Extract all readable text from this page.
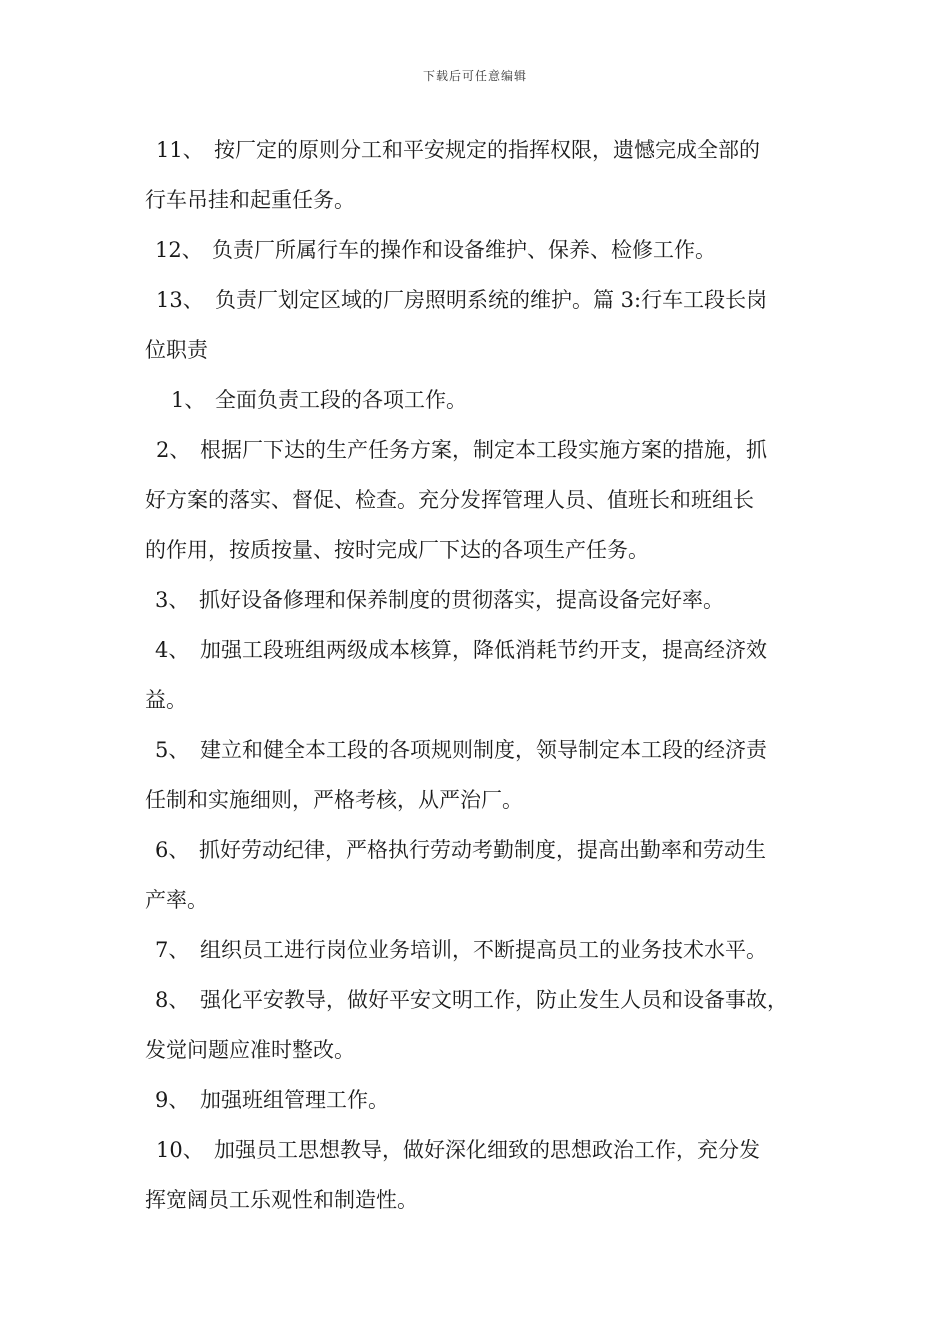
下载后可任意编辑
11、 按厂定的原则分工和平安规定的指挥权限，遗憾完成全部的
行车吊挂和起重任务。
12、 负责厂所属行车的操作和设备维护、保养、检修工作。
13、 负责厂划定区域的厂房照明系统的维护。篇 3:行车工段长岗
位职责
1、 全面负责工段的各项工作。
2、 根据厂下达的生产任务方案，制定本工段实施方案的措施，抓
好方案的落实、督促、检查。充分发挥管理人员、值班长和班组长
的作用，按质按量、按时完成厂下达的各项生产任务。
3、 抓好设备修理和保养制度的贯彻落实，提高设备完好率。
4、 加强工段班组两级成本核算，降低消耗节约开支，提高经济效
益。
5、 建立和健全本工段的各项规则制度，领导制定本工段的经济责
任制和实施细则，严格考核，从严治厂。
6、 抓好劳动纪律，严格执行劳动考勤制度，提高出勤率和劳动生
产率。
7、 组织员工进行岗位业务培训，不断提高员工的业务技术水平。
8、 强化平安教导，做好平安文明工作，防止发生人员和设备事故，
发觉问题应准时整改。
9、 加强班组管理工作。
10、 加强员工思想教导，做好深化细致的思想政治工作，充分发
挥宽阔员工乐观性和制造性。
